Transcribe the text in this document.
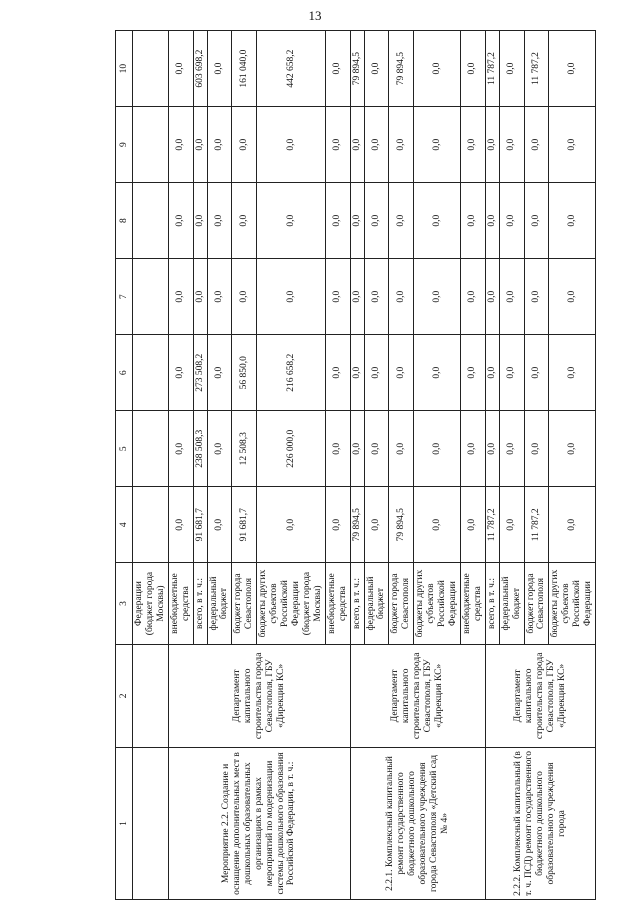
13
1	2	3	4	5	6	7	8	9	10
		Федерации (бюджет города Москвы)							
Мероприятие 2.2. Создание и оснащение дополнительных мест в дошкольных образовательных организациях в рамках мероприятий по модернизации системы дошкольного образования Российской Федерации, в т. ч.:	Департамент капитального строительства города Севастополя, ГБУ «Дирекция КС»	внебюджетные средства	0,0	0,0	0,0	0,0	0,0	0,0	0,0
		всего, в т. ч.:	91 681,7	238 508,3	273 508,2	0,0	0,0	0,0	603 698,2
		федеральный бюджет	0,0	0,0	0,0	0,0	0,0	0,0	0,0
		бюджет города Севастополя	91 681,7	12 508,3	56 850,0	0,0	0,0	0,0	161 040,0
		бюджеты других субъектов Российской Федерации (бюджет города Москвы)	0,0	226 000,0	216 658,2	0,0	0,0	0,0	442 658,2
		внебюджетные средства	0,0	0,0	0,0	0,0	0,0	0,0	0,0
2.2.1. Комплексный капитальный ремонт государственного бюджетного дошкольного образовательного учреждения города Севастополя «Детский сад № 4»	Департамент капитального строительства города Севастополя, ГБУ «Дирекция КС»	всего, в т. ч.:	79 894,5	0,0	0,0	0,0	0,0	0,0	79 894,5
		федеральный бюджет	0,0	0,0	0,0	0,0	0,0	0,0	0,0
		бюджет города Севастополя	79 894,5	0,0	0,0	0,0	0,0	0,0	79 894,5
		бюджеты других субъектов Российской Федерации	0,0	0,0	0,0	0,0	0,0	0,0	0,0
		внебюджетные средства	0,0	0,0	0,0	0,0	0,0	0,0	0,0
2.2.2. Комплексный капитальный (в т. ч. ПСД) ремонт государственного бюджетного дошкольного образовательного учреждения города	Департамент капитального строительства города Севастополя, ГБУ «Дирекция КС»	всего, в т. ч.:	11 787,2	0,0	0,0	0,0	0,0	0,0	11 787,2
		федеральный бюджет	0,0	0,0	0,0	0,0	0,0	0,0	0,0
		бюджет города Севастополя	11 787,2	0,0	0,0	0,0	0,0	0,0	11 787,2
		бюджеты других субъектов Российской Федерации	0,0	0,0	0,0	0,0	0,0	0,0	0,0
